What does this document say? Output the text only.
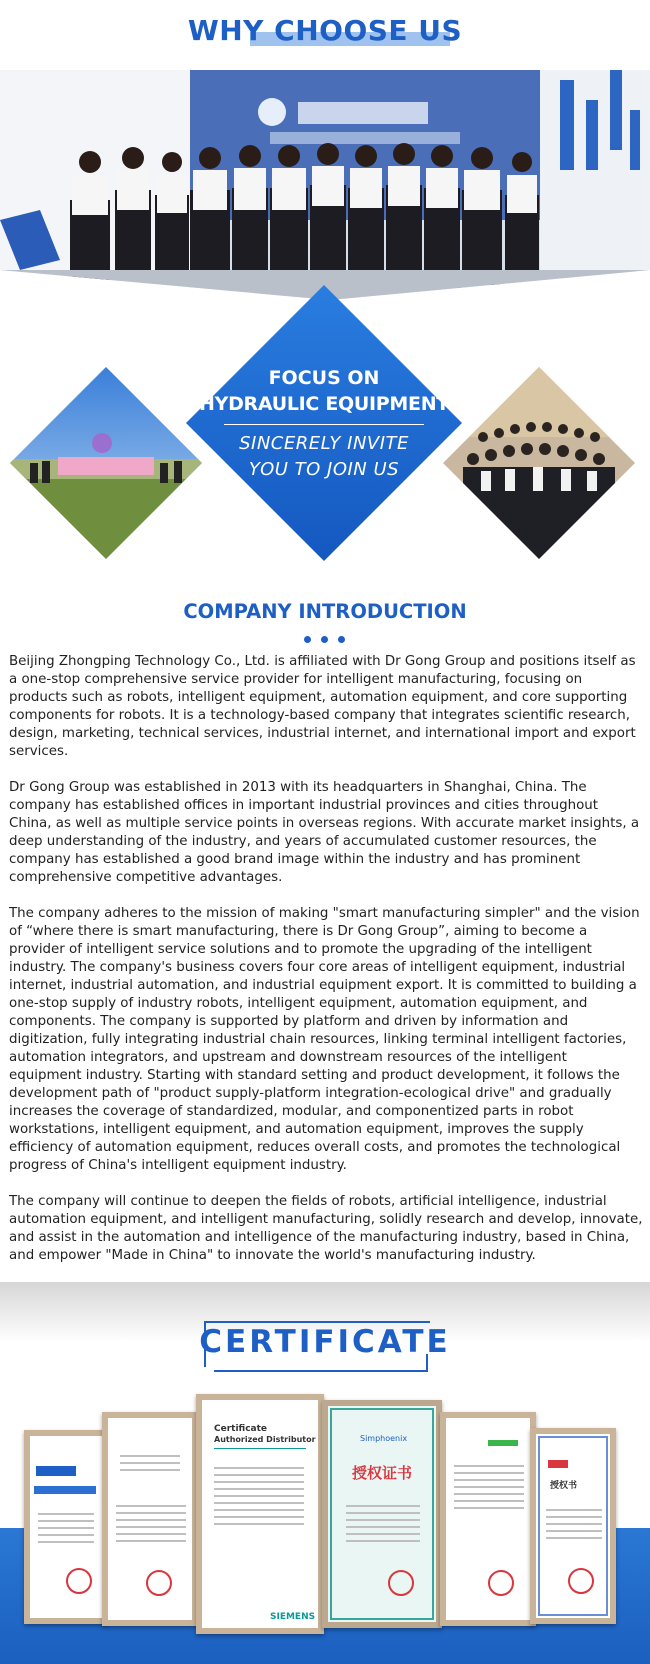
WHY CHOOSE US
FOCUS ON
HYDRAULIC EQUIPMENT
SINCERELY INVITE
YOU TO JOIN US
COMPANY INTRODUCTION

Beijing Zhongping Technology Co., Ltd. is affiliated with Dr Gong Group and positions itself as a one-stop comprehensive service provider for intelligent manufacturing, focusing on products such as robots, intelligent equipment, automation equipment, and core supporting components for robots. It is a technology-based company that integrates scientific research, design, marketing, technical services, industrial internet, and international import and export services.

Dr Gong Group was established in 2013 with its headquarters in Shanghai, China. The company has established offices in important industrial provinces and cities throughout China, as well as multiple service points in overseas regions. With accurate market insights, a deep understanding of the industry, and years of accumulated customer resources, the company has established a good brand image within the industry and has prominent comprehensive competitive advantages.

The company adheres to the mission of making "smart manufacturing simpler" and the vision of “where there is smart manufacturing, there is Dr Gong Group”, aiming to become a provider of intelligent service solutions and to promote the upgrading of the intelligent industry. The company's business covers four core areas of intelligent equipment, industrial internet, industrial automation, and industrial equipment export. It is committed to building a one-stop supply of industry robots, intelligent equipment, automation equipment, and components. The company is supported by platform and driven by information and digitization, fully integrating industrial chain resources, linking terminal intelligent factories, automation integrators, and upstream and downstream resources of the intelligent equipment industry. Starting with standard setting and product development, it follows the development path of "product supply-platform integration-ecological drive" and gradually increases the coverage of standardized, modular, and componentized parts in robot workstations, intelligent equipment, and automation equipment, improves the supply efficiency of automation equipment, reduces overall costs, and promotes the technological progress of China's intelligent equipment industry.

The company will continue to deepen the fields of robots, artificial intelligence, industrial automation equipment, and intelligent manufacturing, solidly research and develop, innovate, and assist in the automation and intelligence of the manufacturing industry, based in China, and empower "Made in China" to innovate the world's manufacturing industry.

CERTIFICATE
Certificate
Authorized Distributor
SIEMENS
Simphoenix
授权证书
授权书
